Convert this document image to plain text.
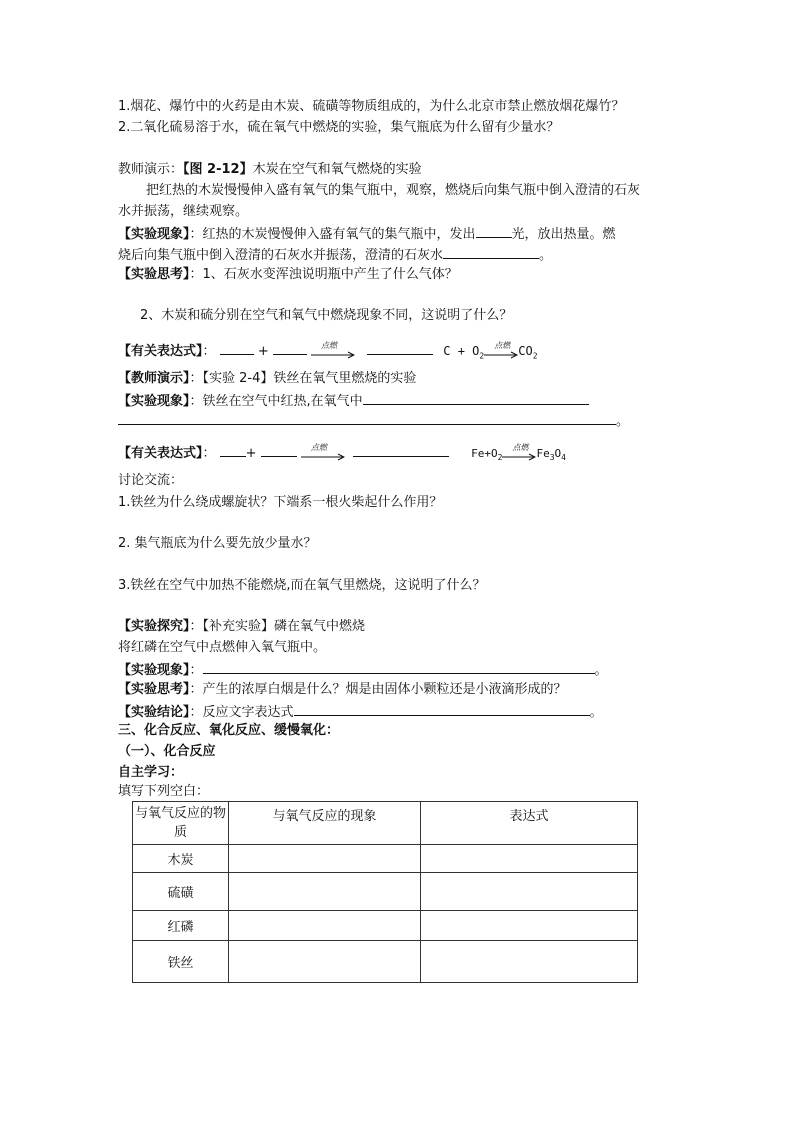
1.烟花、爆竹中的火药是由木炭、硫磺等物质组成的，为什么北京市禁止燃放烟花爆竹？
2.二氧化硫易溶于水，硫在氧气中燃烧的实验，集气瓶底为什么留有少量水？
教师演示：【图 2-12】木炭在空气和氧气燃烧的实验
把红热的木炭慢慢伸入盛有氧气的集气瓶中，观察，燃烧后向集气瓶中倒入澄清的石灰
水并振荡，继续观察。
【实验现象】：红热的木炭慢慢伸入盛有氧气的集气瓶中，发出	光，放出热量。燃
烧后向集气瓶中倒入澄清的石灰水并振荡，澄清的石灰水	。
【实验思考】：1、石灰水变浑浊说明瓶中产生了什么气体？
2、木炭和硫分别在空气和氧气中燃烧现象不同，这说明了什么？
【有关表达式】：	+	点燃	$C + O_2$
点燃 $CO_2$
【教师演示】：【实验 2-4】铁丝在氧气里燃烧的实验
【实验现象】：铁丝在空气中红热,在氧气中
。
【有关表达式】： +	点燃	$Fe+O_2$
点燃 $Fe_3O_4$
讨论交流：
1.铁丝为什么绕成螺旋状？下端系一根火柴起什么作用？
2. 集气瓶底为什么要先放少量水？
3.铁丝在空气中加热不能燃烧,而在氧气里燃烧，这说明了什么？
【实验探究】：【补充实验】磷在氧气中燃烧
将红磷在空气中点燃伸入氧气瓶中。
【实验现象】：	。
【实验思考】：产生的浓厚白烟是什么？烟是由固体小颗粒还是小液滴形成的？
【实验结论】：反应文字表达式	。
三、化合反应、氧化反应、缓慢氧化：
（一）、化合反应
自主学习：
填写下列空白：
与氧气反应的物质	与氧气反应的现象	表达式
木炭		
硫磺		
红磷		
铁丝		
